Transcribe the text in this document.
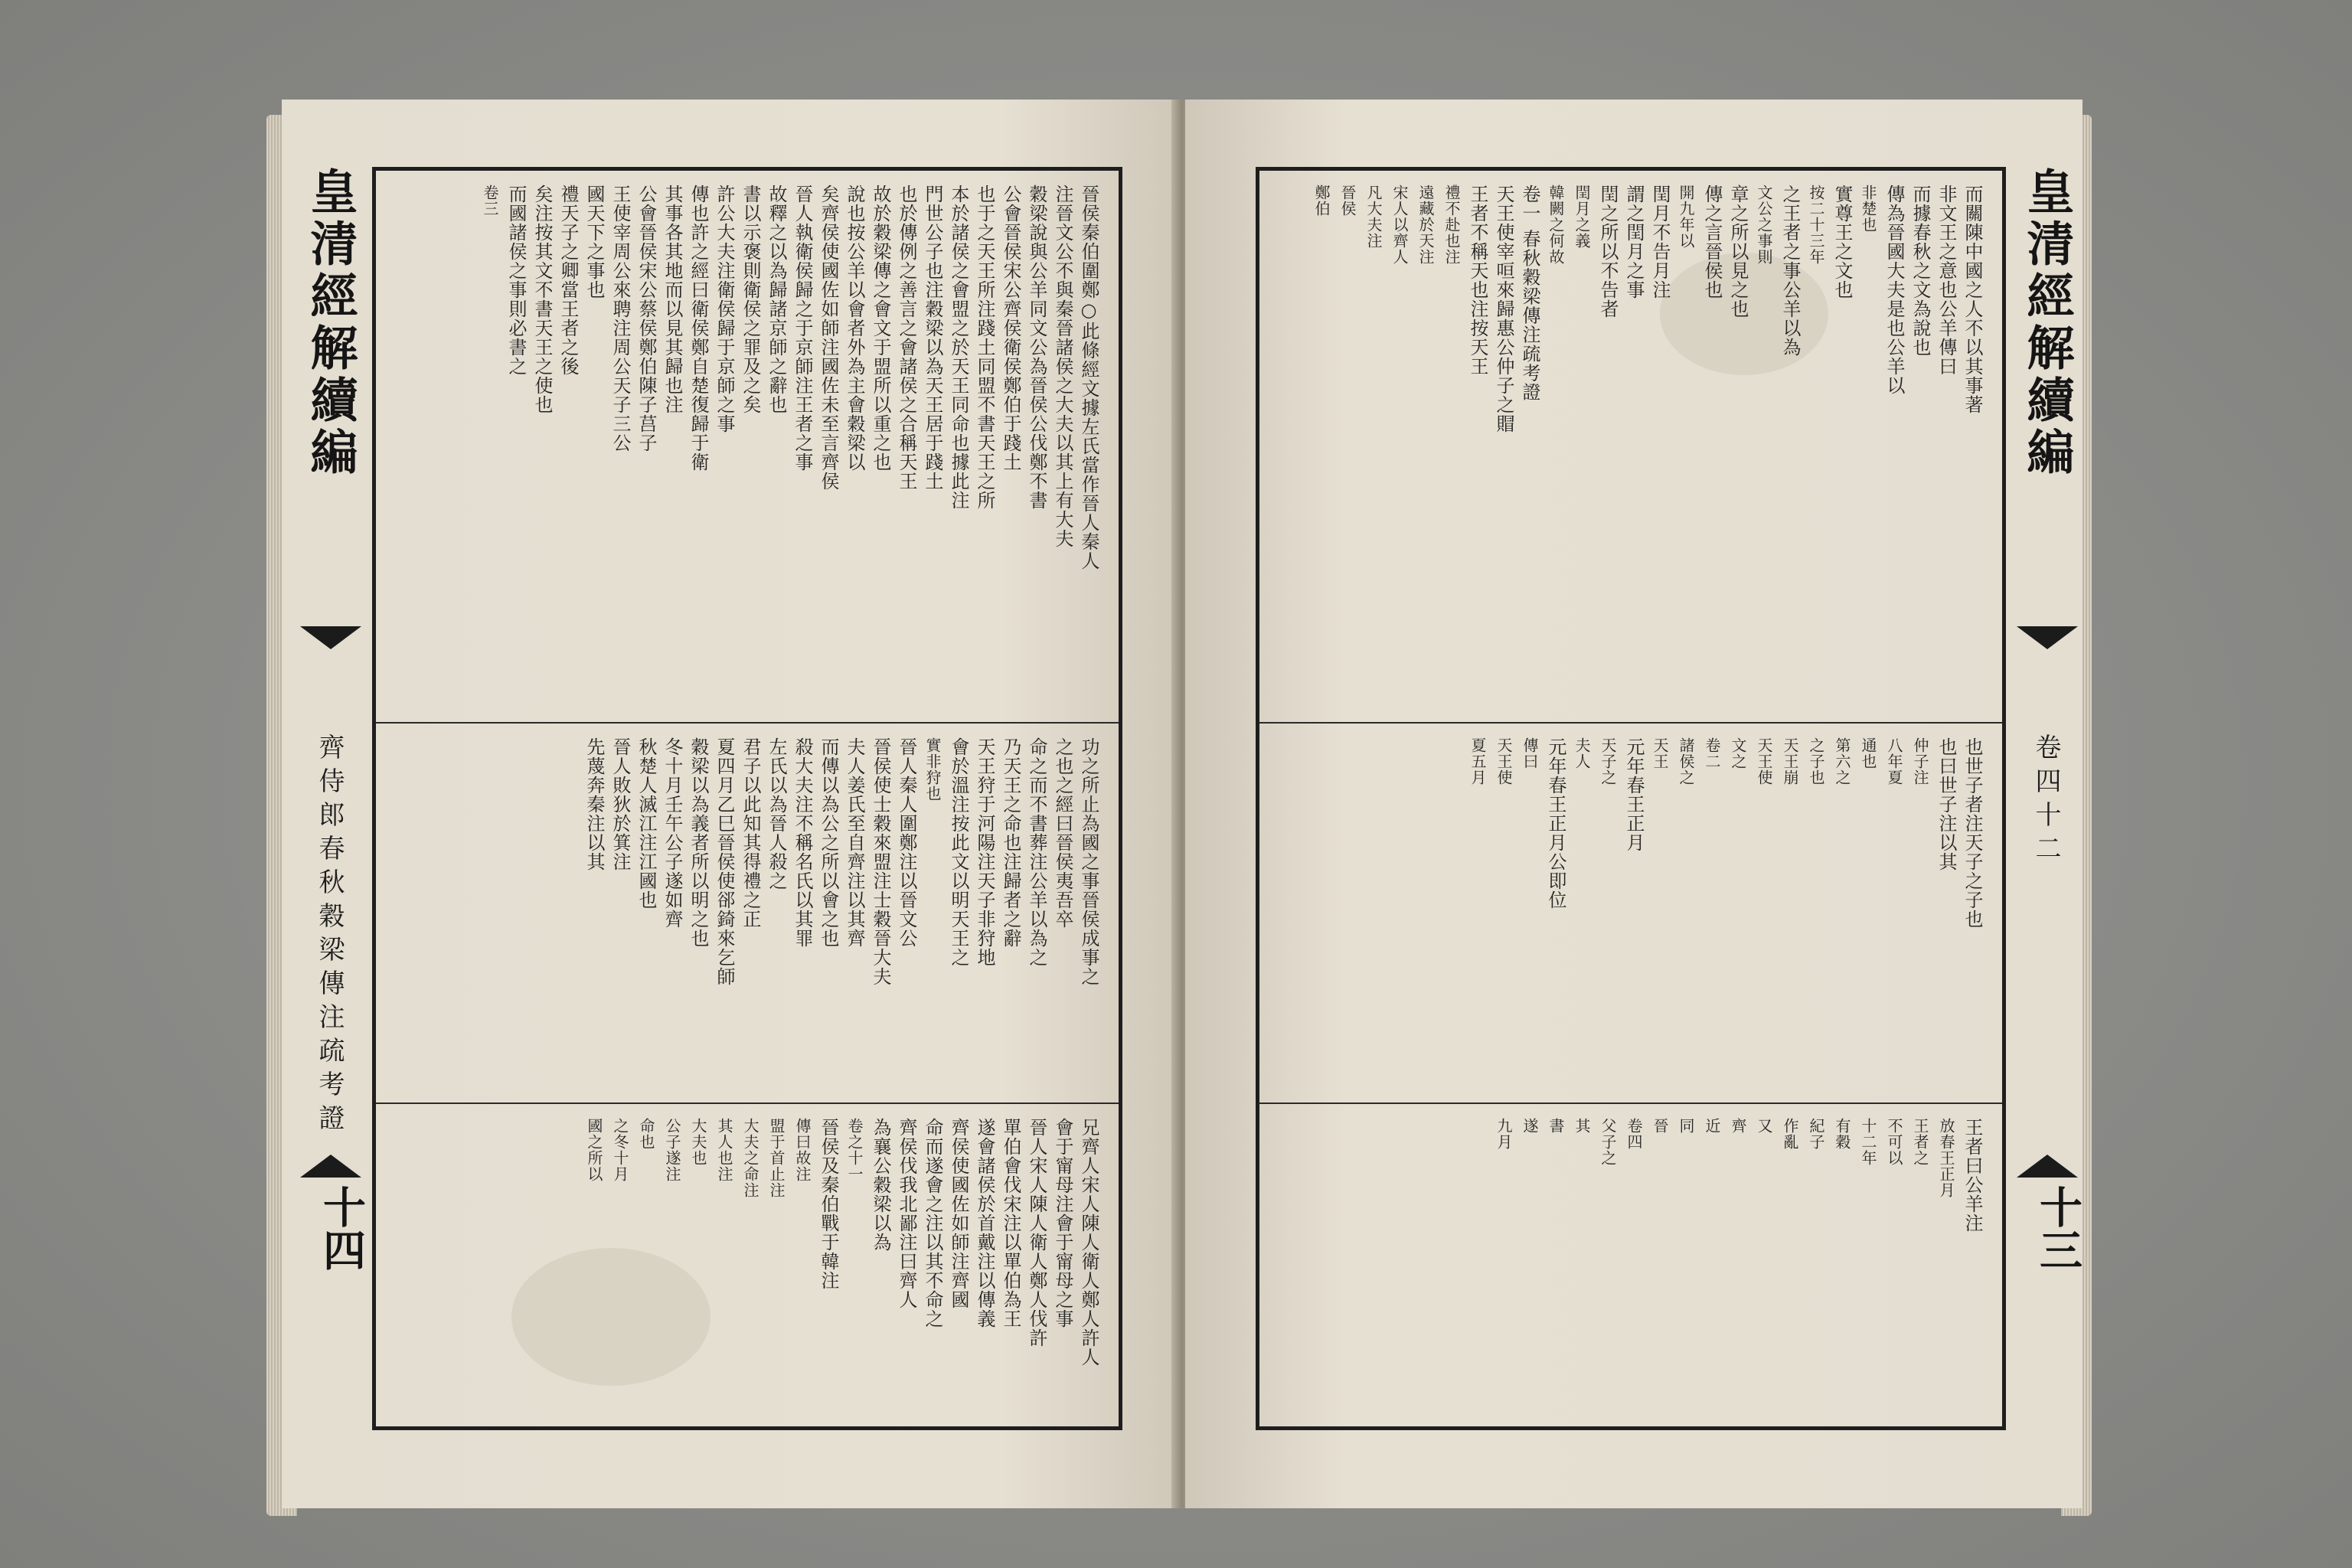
皇清經解續編
齊侍郎春秋穀梁傳注疏考證
十四
晉侯秦伯圍鄭○此條經文據左氏當作晉人秦人
注晉文公不與秦晉諸侯之大夫以其上有大夫
穀梁說與公羊同文公為晉侯公伐鄭不書
公會晉侯宋公齊侯衛侯鄭伯于踐土
也于之天王所注踐土同盟不書天王之所
本於諸侯之會盟之於天王同命也據此注
門世公子也注穀梁以為天王居于踐土
也於傳例之善言之會諸侯之合稱天王
故於穀梁傳之會文于盟所以重之也
說也按公羊以會者外為主會穀梁以
矣齊侯使國佐如師注國佐未至言齊侯
晉人執衛侯歸之于京師注王者之事
故釋之以為歸諸京師之辭也
書以示褒則衛侯之罪及之矣
許公大夫注衛侯歸于京師之事
傳也許之經曰衛侯鄭自楚復歸于衛
其事各其地而以見其歸也注
公會晉侯宋公蔡侯鄭伯陳子莒子
王使宰周公來聘注周公天子三公
國天下之事也
禮天子之卿當王者之後
矣注按其文不書天王之使也
而國諸侯之事則必書之
卷三
功之所止為國之事晉侯成事之
之也之經曰晉侯夷吾卒
命之而不書葬注公羊以為之
乃天王之命也注歸者之辭
天王狩于河陽注天子非狩地
會於溫注按此文以明天王之
實非狩也
晉人秦人圍鄭注以晉文公
晉侯使士穀來盟注士穀晉大夫
夫人姜氏至自齊注以其齊
而傳以為公之所以會之也
殺大夫注不稱名氏以其罪
左氏以為晉人殺之
君子以此知其得禮之正
夏四月乙巳晉侯使郤錡來乞師
穀梁以為義者所以明之也
冬十月壬午公子遂如齊
秋楚人滅江注江國也
晉人敗狄於箕注
先蔑奔秦注以其
兄齊人宋人陳人衛人鄭人許人
會于甯母注會于甯母之事
晉人宋人陳人衛人鄭人伐許
單伯會伐宋注以單伯為王
遂會諸侯於首戴注以傳義
齊侯使國佐如師注齊國
命而遂會之注以其不命之
齊侯伐我北鄙注曰齊人
為襄公穀梁以為
卷之十一
晉侯及秦伯戰于韓注
傳曰故注
盟于首止注
大夫之命注
其人也注
大夫也
公子遂注
命也
之冬十月
國之所以
而關陳中國之人不以其事著
非文王之意也公羊傳曰
而據春秋之文為說也
傳為晉國大夫是也公羊以
非楚也
實尊王之文也
按二十三年
之王者之事公羊以為
文公之事則
章之所以見之也
傳之言晉侯也
開九年以
閏月不告月注
謂之閏月之事
閏之所以不告者
閏月之義
韓闕之何故
卷一 春秋穀梁傳注疏考證
天王使宰咺來歸惠公仲子之賵
王者不稱天也注按天王
禮不赴也注
遠藏於天注
宋人以齊人
凡大夫注
晉侯
鄭伯
也世子者注天子之子也
也曰世子注以其
仲子注
八年夏
通也
第六之
之子也
天王崩
天王使
文之
卷二
諸侯之
天王
元年春王正月
天子之
夫人
元年春王正月公即位
傳曰
天王使
夏五月
王者曰公羊注
放春王正月
王者之
不可以
十二年
有穀
紀子
作亂
又
齊
近
同
晉
卷四
父子之
其
書
遂
九月
皇清經解續編
卷四十二
十三
